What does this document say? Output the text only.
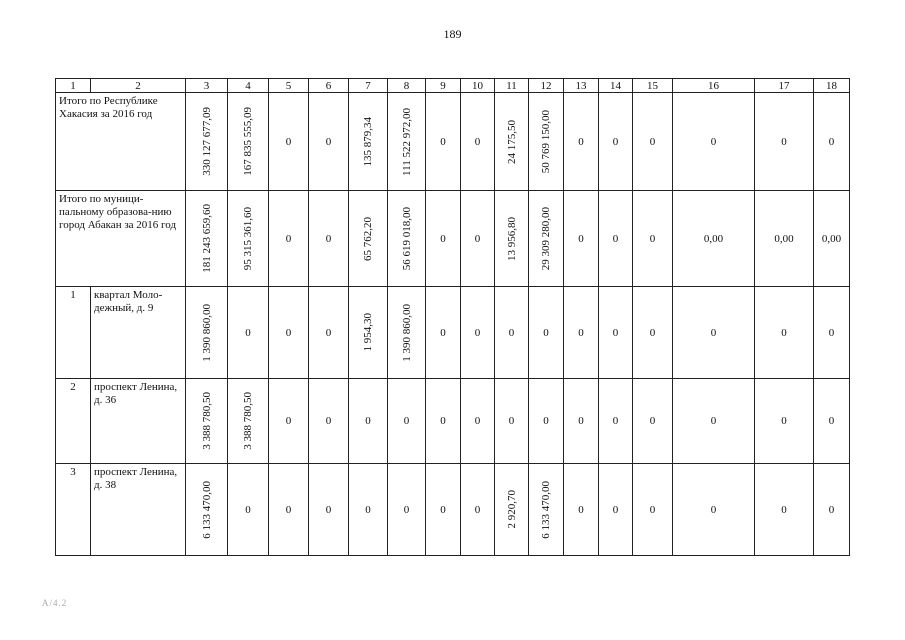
189
1	2	3	4	5	6	7	8	9	10	11	12	13	14	15	16	17	18
Итого по Республике Хакасия за 2016 год		330 127 677,09	167 835 555,09	0	0	135 879,34	111 522 972,00	0	0	24 175,50	50 769 150,00	0	0	0	0	0	0

Итого по муници-пальному образова-нию город Абакан за 2016 год		181 243 659,60	95 315 361,60	0	0	65 762,20	56 619 018,00	0	0	13 956,80	29 309 280,00	0	0	0	0,00	0,00	0,00

1	квартал Моло-дежный, д. 9	1 390 860,00	0	0	0	1 954,30	1 390 860,00	0	0	0	0	0	0	0	0	0	0

2	проспект Ленина, д. 36	3 388 780,50	3 388 780,50	0	0	0	0	0	0	0	0	0	0	0	0	0	0

3	проспект Ленина, д. 38	6 133 470,00	0	0	0	0	0	0	0	2 920,70	6 133 470,00	0	0	0	0	0	0
А/4.2
